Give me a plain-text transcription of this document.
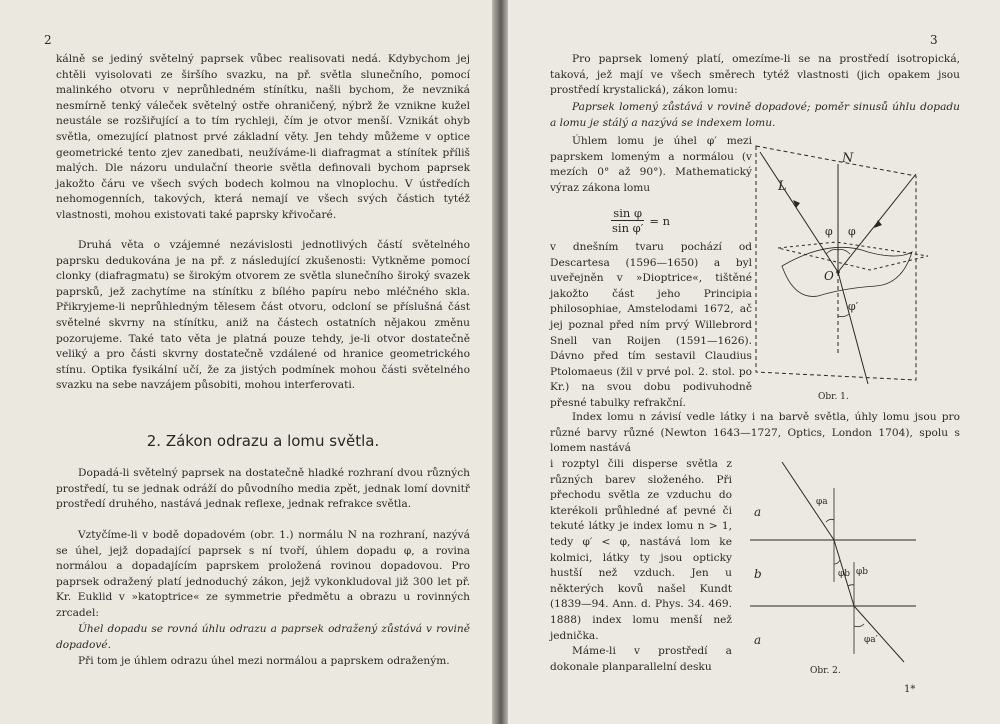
2

kálně se jediný světelný paprsek vůbec realisovati nedá. Kdybychom jej chtěli vyisolovati ze širšího svazku, na př. světla slunečního, pomocí malinkého otvoru v neprůhledném stínítku, našli bychom, že nevzniká nesmírně tenký váleček světelný ostře ohraničený, nýbrž že vznikne kužel neustále se rozšiřující a to tím rychleji, čím je otvor menší. Vznikát ohyb světla, omezující platnost prvé základní věty. Jen tehdy můžeme v optice geometrické tento zjev zanedbati, neužíváme-li diafragmat a stínítek příliš malých. Dle názoru undulační theorie světla definovali bychom paprsek jakožto čáru ve všech svých bodech kolmou na vlnoplochu. V ústředích nehomogenních, takových, která nemají ve všech svých částich tytéž vlastnosti, mohou existovati také paprsky křivočaré.

Druhá věta o vzájemné nezávislosti jednotlivých částí světelného paprsku dedukována je na př. z následující zkušenosti: Vytkněme pomocí clonky (diafragmatu) se širokým otvorem ze světla slunečního široký svazek paprsků, jež zachytíme na stínítku z bílého papíru nebo mléčného skla. Přikryjeme-li neprůhledným tělesem část otvoru, odcloní se příslušná část světelné skvrny na stínítku, aniž na částech ostatních nějakou změnu pozorujeme. Také tato věta je platná pouze tehdy, je-li otvor dostatečně veliký a pro části skvrny dostatečně vzdálené od hranice geometrického stínu. Optika fysikální učí, že za jistých podmínek mohou části světelného svazku na sebe navzájem působiti, mohou interferovati.

2. Zákon odrazu a lomu světla.

Dopadá-li světelný paprsek na dostatečně hladké rozhraní dvou různých prostředí, tu se jednak odráží do původního media zpět, jednak lomí dovnitř prostředí druhého, nastává jednak reflexe, jednak refrakce světla.

Vztyčíme-li v bodě dopadovém (obr. 1.) normálu N na rozhraní, nazývá se úhel, jejž dopadající paprsek s ní tvoří, úhlem dopadu φ, a rovina normálou a dopadajícím paprskem proložená rovinou dopadovou. Pro paprsek odražený platí jednoduchý zákon, jejž vykonkludoval již 300 let př. Kr. Euklid v »katoptrice« ze symmetrie předmětu a obrazu u rovinných zrcadel:

Úhel dopadu se rovná úhlu odrazu a paprsek odražený zůstává v rovině dopadové.

Při tom je úhlem odrazu úhel mezi normálou a paprskem odraženým.

3

Pro paprsek lomený platí, omezíme-li se na prostředí isotropická, taková, jež mají ve všech směrech tytéž vlastnosti (jich opakem jsou prostředí krystalická), zákon lomu:

Paprsek lomený zůstává v rovině dopadové; poměr sinusů úhlu dopadu a lomu je stálý a nazývá se indexem lomu.

Úhlem lomu je úhel φ′ mezi paprskem lomeným a normálou (v mezích 0° až 90°). Mathematický výraz zákona lomu

$\frac{\text{sin φ}}{\text{sin φ′}} = n$

v dnešním tvaru pochází od Descartesa (1596—1650) a byl uveřejněn v »Dioptrice«, tištěné jakožto část jeho Principia philosophiae, Amstelodami 1672, ač jej poznal před ním prvý Willebrord Snell van Roijen (1591—1626). Dávno před tím sestavil Claudius Ptolomaeus (žil v prvé pol. 2. stol. po Kr.) na svou dobu podivuhodně přesné tabulky refrakční.

N
L
O
φ φ
φ′
Obr. 1.

Index lomu n závisí vedle látky i na barvě světla, úhly lomu jsou pro různé barvy různé (Newton 1643—1727, Optics, London 1704), spolu s lomem nastává

i rozptyl čili disperse světla z různých barev složeného. Při přechodu světla ze vzduchu do kterékoli průhledné ať pevné či tekuté látky je index lomu n > 1, tedy φ′ < φ, nastává lom ke kolmici, látky ty jsou opticky hustší než vzduch. Jen u některých kovů našel Kundt (1839—94. Ann. d. Phys. 34. 469. 1888) index lomu menší než jednička.

Máme-li v prostředí a dokonale planparallelní desku

a
b
a
φa
φb φb
φa′
Obr. 2.
1*
